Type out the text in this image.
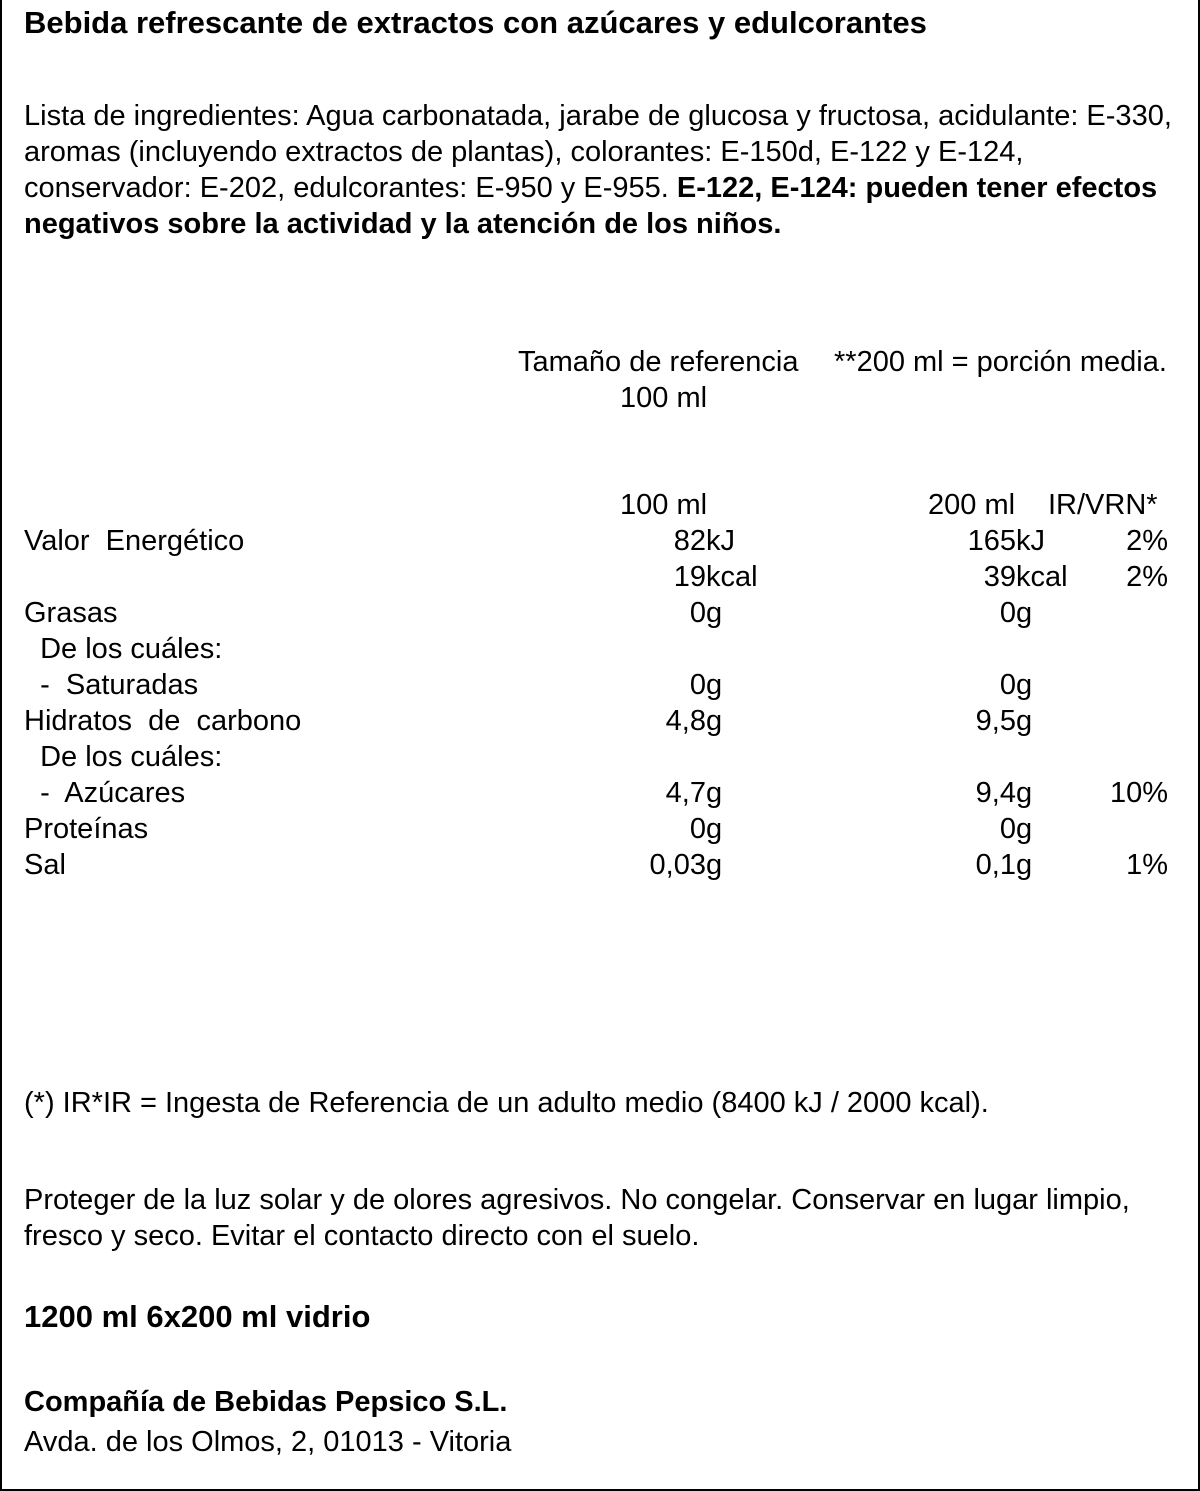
Bebida refrescante de extractos con azúcares y edulcorantes
Lista de ingredientes: Agua carbonatada, jarabe de glucosa y fructosa, acidulante: E-330, aromas (incluyendo extractos de plantas), colorantes: E-150d, E-122 y E-124, conservador: E-202, edulcorantes: E-950 y E-955. E-122, E-124: pueden tener efectos negativos sobre la actividad y la atención de los niños.
Tamaño de referencia **200 ml = porción media.
100 ml
100 ml	200 ml IR/VRN*
Valor  Energético	82 kJ	165 kJ	2%
19 kcal	39 kcal	2%
Grasas	0 g	0 g
De los cuáles:
-  Saturadas	0 g	0 g
Hidratos  de  carbono	4,8 g	9,5 g
De los cuáles:
-  Azúcares	4,7 g	9,4 g	10%
Proteínas	0 g	0 g
Sal	0,03 g	0,1 g	1%
(*) IR*IR = Ingesta de Referencia de un adulto medio (8400 kJ / 2000 kcal).
Proteger de la luz solar y de olores agresivos. No congelar. Conservar en lugar limpio, fresco y seco. Evitar el contacto directo con el suelo.
1200 ml 6x200 ml vidrio
Compañía de Bebidas Pepsico S.L.
Avda. de los Olmos, 2, 01013 - Vitoria
